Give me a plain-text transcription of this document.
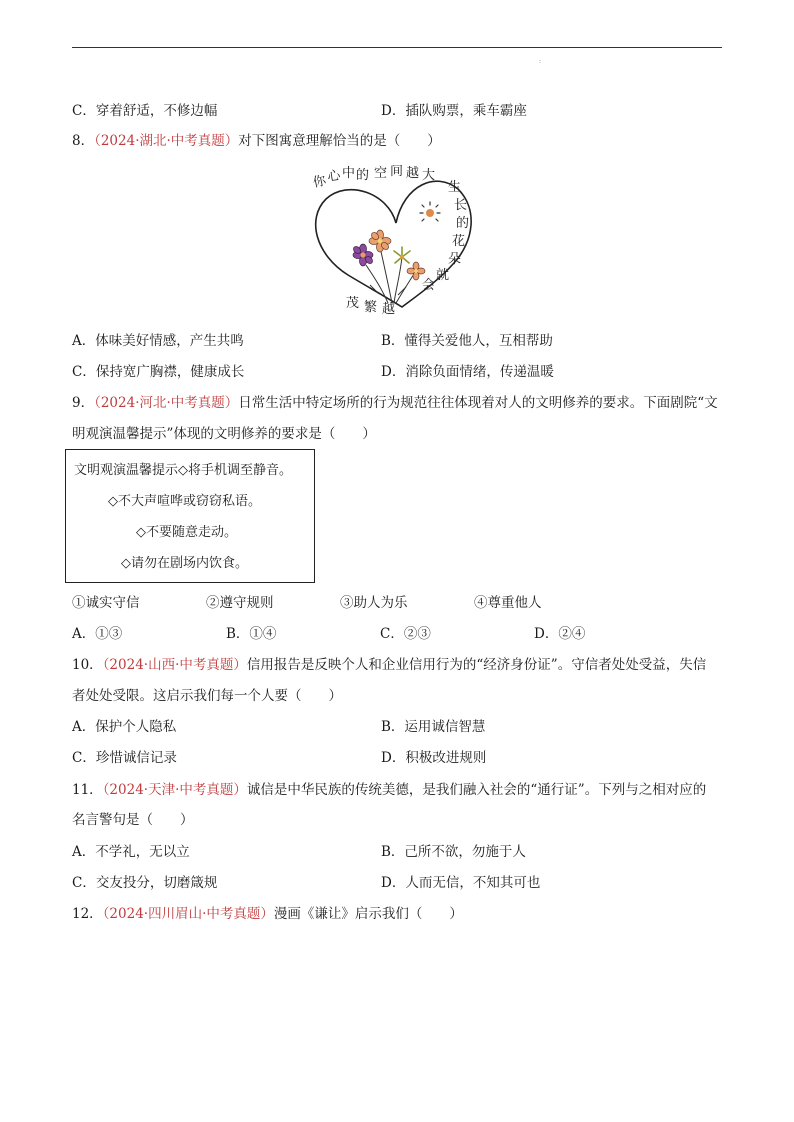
:
C．穿着舒适，不修边幅	D．插队购票，乘车霸座
8．（2024·湖北·中考真题）对下图寓意理解恰当的是（　　）
你
心 中 的 空 间 越 大
生
长
的
花
朵
就
会
茂 繁 越
A．体味美好情感，产生共鸣	B．懂得关爱他人，互相帮助
C．保持宽广胸襟，健康成长	D．消除负面情绪，传递温暖
9．（2024·河北·中考真题）日常生活中特定场所的行为规范往往体现着对人的文明修养的要求。下面剧院“文
明观演温馨提示”体现的文明修养的要求是（　　）
文明观演温馨提示◇将手机调至静音。
◇不大声喧哗或窃窃私语。
◇不要随意走动。
◇请勿在剧场内饮食。
①诚实守信	②遵守规则	③助人为乐	④尊重他人
A．①③	B．①④	C．②③	D．②④
10．（2024·山西·中考真题）信用报告是反映个人和企业信用行为的“经济身份证”。守信者处处受益，失信
者处处受限。这启示我们每一个人要（　　）
A．保护个人隐私	B．运用诚信智慧
C．珍惜诚信记录	D．积极改进规则
11．（2024·天津·中考真题）诚信是中华民族的传统美德，是我们融入社会的“通行证”。下列与之相对应的
名言警句是（　　）
A．不学礼，无以立	B．己所不欲，勿施于人
C．交友投分，切磨箴规	D．人而无信，不知其可也
12．（2024·四川眉山·中考真题）漫画《谦让》启示我们（　　）
